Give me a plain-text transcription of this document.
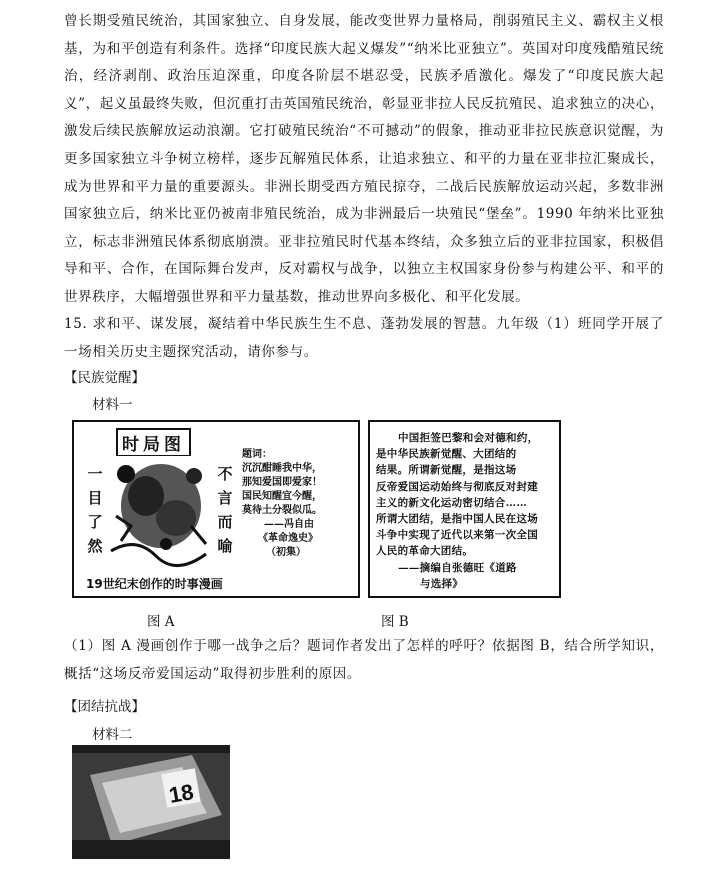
曾长期受殖民统治，其国家独立、自身发展，能改变世界力量格局，削弱殖民主义、霸权主义根基，为和平创造有利条件。选择“印度民族大起义爆发”“纳米比亚独立”。英国对印度残酷殖民统治，经济剥削、政治压迫深重，印度各阶层不堪忍受，民族矛盾激化。爆发了“印度民族大起义”，起义虽最终失败，但沉重打击英国殖民统治，彰显亚非拉人民反抗殖民、追求独立的决心，激发后续民族解放运动浪潮。它打破殖民统治“不可撼动”的假象，推动亚非拉民族意识觉醒，为更多国家独立斗争树立榜样，逐步瓦解殖民体系，让追求独立、和平的力量在亚非拉汇聚成长，成为世界和平力量的重要源头。非洲长期受西方殖民掠夺，二战后民族解放运动兴起，多数非洲国家独立后，纳米比亚仍被南非殖民统治，成为非洲最后一块殖民“堡垒”。1990 年纳米比亚独立，标志非洲殖民体系彻底崩溃。亚非拉殖民时代基本终结，众多独立后的亚非拉国家，积极倡导和平、合作，在国际舞台发声，反对霸权与战争，以独立主权国家身份参与构建公平、和平的世界秩序，大幅增强世界和平力量基数，推动世界向多极化、和平化发展。

15. 求和平、谋发展，凝结着中华民族生生不息、蓬勃发展的智慧。九年级（1）班同学开展了一场相关历史主题探究活动，请你参与。

【民族觉醒】
材料一
时局图
一目了然
不言而喻
题词：
沉沉酣睡我中华，
那知爱国即爱家！
国民知醒宜今醒，
莫待土分裂似瓜。
——冯自由
《革命逸史》
（初集）
19世纪末创作的时事漫画
中国拒签巴黎和会对德和约，
是中华民族新觉醒、大团结的
结果。所谓新觉醒，是指这场
反帝爱国运动始终与彻底反对封建
主义的新文化运动密切结合……
所谓大团结，是指中国人民在这场
斗争中实现了近代以来第一次全国
人民的革命大团结。
——摘编自张德旺《道路
与选择》
图 A	图 B

（1）图 A 漫画创作于哪一战争之后？题词作者发出了怎样的呼吁？依据图 B，结合所学知识，概括“这场反帝爱国运动”取得初步胜利的原因。

【团结抗战】
材料二
18
